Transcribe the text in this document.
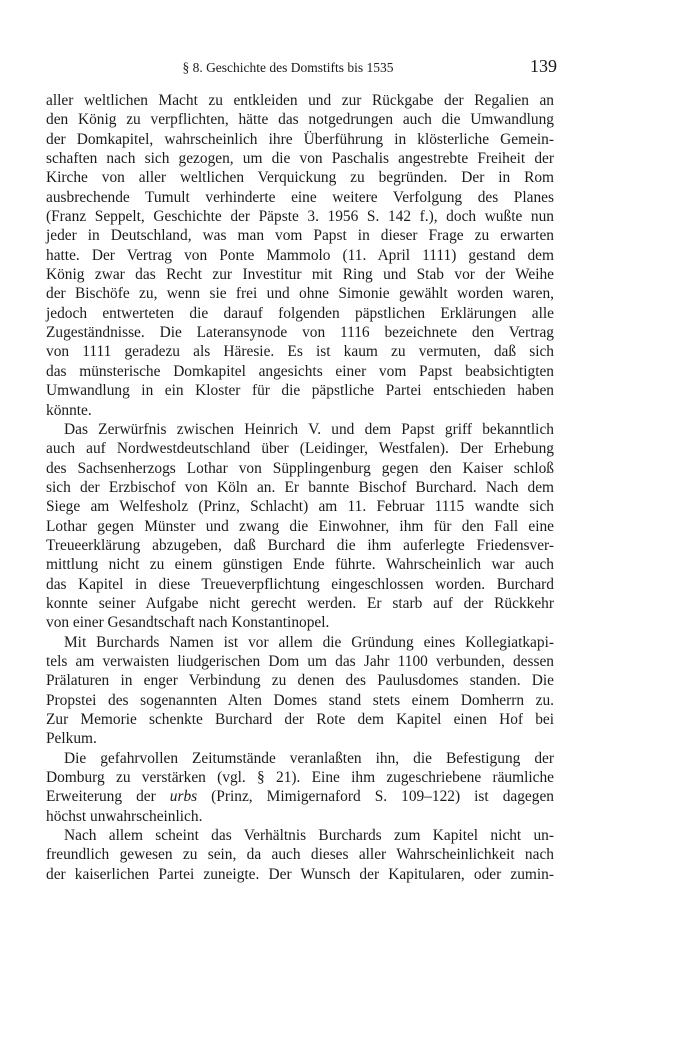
§ 8. Geschichte des Domstifts bis 1535	139
aller weltlichen Macht zu entkleiden und zur Rückgabe der Regalien an
den König zu verpflichten, hätte das notgedrungen auch die Umwandlung
der Domkapitel, wahrscheinlich ihre Überführung in klösterliche Gemein-
schaften nach sich gezogen, um die von Paschalis angestrebte Freiheit der
Kirche von aller weltlichen Verquickung zu begründen. Der in Rom
ausbrechende Tumult verhinderte eine weitere Verfolgung des Planes
(Franz Seppelt, Geschichte der Päpste 3. 1956 S. 142 f.), doch wußte nun
jeder in Deutschland, was man vom Papst in dieser Frage zu erwarten
hatte. Der Vertrag von Ponte Mammolo (11. April 1111) gestand dem
König zwar das Recht zur Investitur mit Ring und Stab vor der Weihe
der Bischöfe zu, wenn sie frei und ohne Simonie gewählt worden waren,
jedoch entwerteten die darauf folgenden päpstlichen Erklärungen alle
Zugeständnisse. Die Lateransynode von 1116 bezeichnete den Vertrag
von 1111 geradezu als Häresie. Es ist kaum zu vermuten, daß sich
das münsterische Domkapitel angesichts einer vom Papst beabsichtigten
Umwandlung in ein Kloster für die päpstliche Partei entschieden haben
könnte.
Das Zerwürfnis zwischen Heinrich V. und dem Papst griff bekanntlich
auch auf Nordwestdeutschland über (Leidinger, Westfalen). Der Erhebung
des Sachsenherzogs Lothar von Süpplingenburg gegen den Kaiser schloß
sich der Erzbischof von Köln an. Er bannte Bischof Burchard. Nach dem
Siege am Welfesholz (Prinz, Schlacht) am 11. Februar 1115 wandte sich
Lothar gegen Münster und zwang die Einwohner, ihm für den Fall eine
Treueerklärung abzugeben, daß Burchard die ihm auferlegte Friedensver-
mittlung nicht zu einem günstigen Ende führte. Wahrscheinlich war auch
das Kapitel in diese Treueverpflichtung eingeschlossen worden. Burchard
konnte seiner Aufgabe nicht gerecht werden. Er starb auf der Rückkehr
von einer Gesandtschaft nach Konstantinopel.
Mit Burchards Namen ist vor allem die Gründung eines Kollegiatkapi-
tels am verwaisten liudgerischen Dom um das Jahr 1100 verbunden, dessen
Prälaturen in enger Verbindung zu denen des Paulusdomes standen. Die
Propstei des sogenannten Alten Domes stand stets einem Domherrn zu.
Zur Memorie schenkte Burchard der Rote dem Kapitel einen Hof bei
Pelkum.
Die gefahrvollen Zeitumstände veranlaßten ihn, die Befestigung der
Domburg zu verstärken (vgl. § 21). Eine ihm zugeschriebene räumliche
Erweiterung der urbs (Prinz, Mimigernaford S. 109–122) ist dagegen
höchst unwahrscheinlich.
Nach allem scheint das Verhältnis Burchards zum Kapitel nicht un-
freundlich gewesen zu sein, da auch dieses aller Wahrscheinlichkeit nach
der kaiserlichen Partei zuneigte. Der Wunsch der Kapitularen, oder zumin-
